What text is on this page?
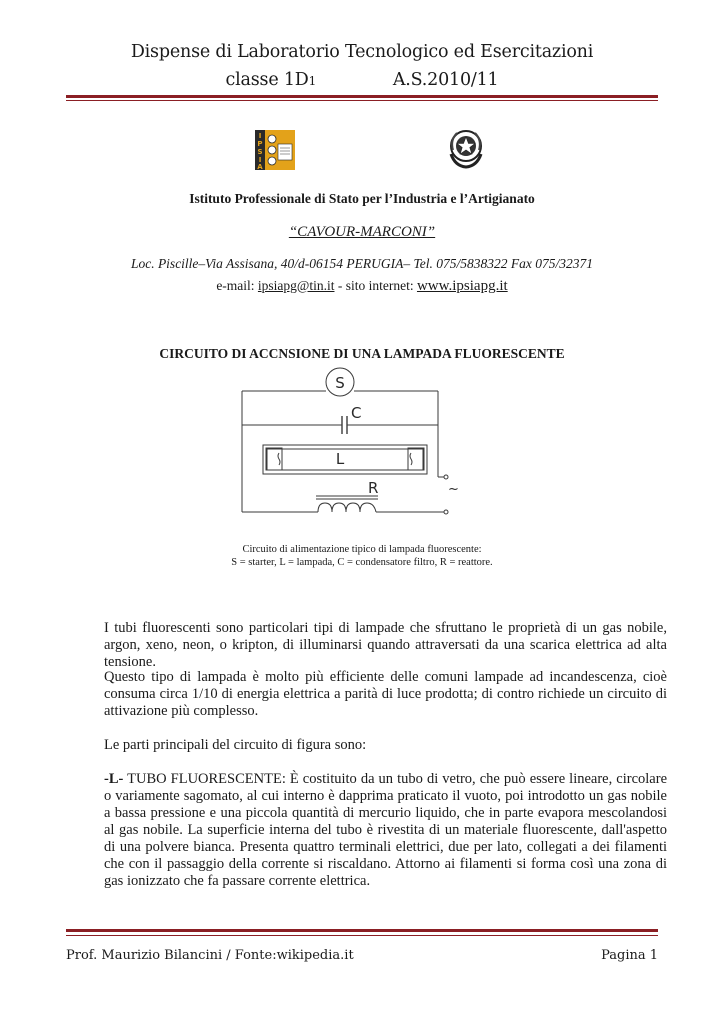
Dispense di Laboratorio Tecnologico ed Esercitazioni
classe 1D1	A.S.2010/11
I
P
S
I
A
Istituto Professionale di Stato per l’Industria e l’Artigianato
“CAVOUR-MARCONI”
Loc. Piscille–Via Assisana, 40/d-06154 PERUGIA– Tel. 075/5838322 Fax 075/32371
e-mail: ipsiapg@tin.it - sito internet: www.ipsiapg.it
CIRCUITO DI ACCNSIONE DI UNA LAMPADA FLUORESCENTE
S
C
L
R	~
Circuito di alimentazione tipico di lampada fluorescente:
S = starter, L = lampada, C = condensatore filtro, R = reattore.

I tubi fluorescenti sono particolari tipi di lampade che sfruttano le proprietà di un gas nobile, argon, xeno, neon, o kripton, di illuminarsi quando attraversati da una scarica elettrica ad alta tensione.

Questo tipo di lampada è molto più efficiente delle comuni lampade ad incandescenza, cioè consuma circa 1/10 di energia elettrica a parità di luce prodotta; di contro richiede un circuito di attivazione più complesso.

Le parti principali del circuito di figura sono:

-L- TUBO FLUORESCENTE: È costituito da un tubo di vetro, che può essere lineare, circolare o variamente sagomato, al cui interno è dapprima praticato il vuoto, poi introdotto un gas nobile a bassa pressione e una piccola quantità di mercurio liquido, che in parte evapora mescolandosi al gas nobile. La superficie interna del tubo è rivestita di un materiale fluorescente, dall'aspetto di una polvere bianca. Presenta quattro terminali elettrici, due per lato, collegati a dei filamenti che con il passaggio della corrente si riscaldano. Attorno ai filamenti si forma così una zona di gas ionizzato che fa passare corrente elettrica.

Prof. Maurizio Bilancini / Fonte:wikipedia.it	Pagina 1
